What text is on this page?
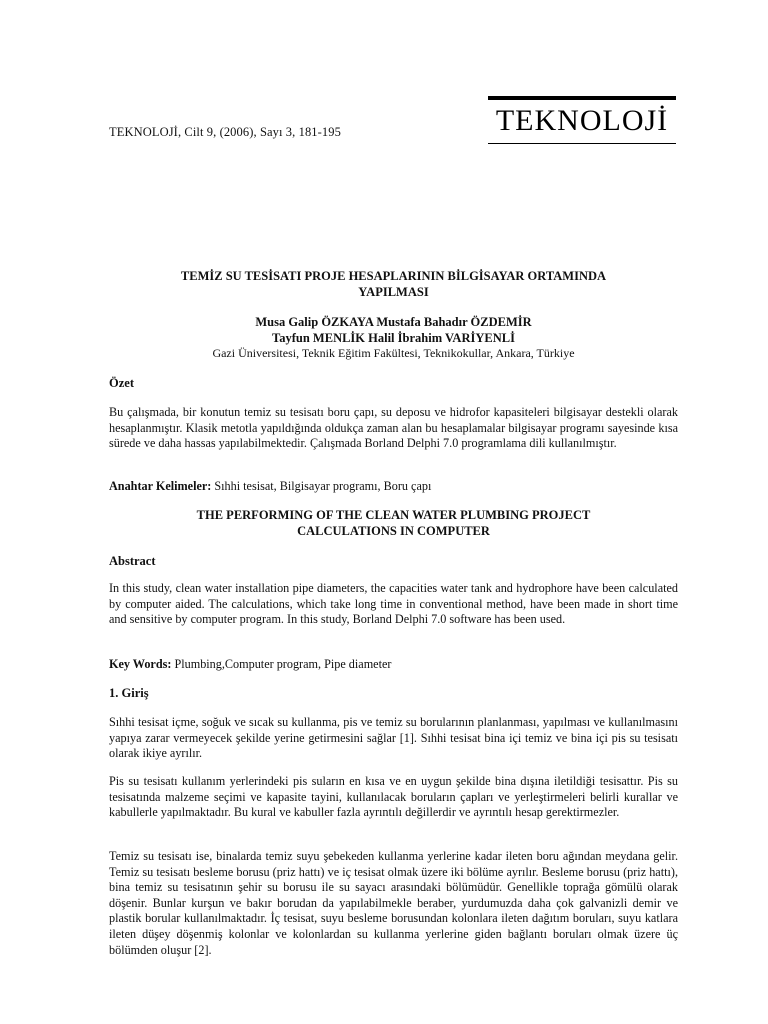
TEKNOLOJİ, Cilt 9, (2006), Sayı 3, 181-195	TEKNOLOJİ
TEMİZ SU TESİSATI PROJE HESAPLARININ BİLGİSAYAR ORTAMINDA
YAPILMASI
Musa Galip ÖZKAYA Mustafa Bahadır ÖZDEMİR
Tayfun MENLİK Halil İbrahim VARİYENLİ
Gazi Üniversitesi, Teknik Eğitim Fakültesi, Teknikokullar, Ankara, Türkiye
Özet
Bu çalışmada, bir konutun temiz su tesisatı boru çapı, su deposu ve hidrofor kapasiteleri bilgisayar destekli olarak hesaplanmıştır. Klasik metotla yapıldığında oldukça zaman alan bu hesaplamalar bilgisayar programı sayesinde kısa sürede ve daha hassas yapılabilmektedir. Çalışmada Borland Delphi 7.0 programlama dili kullanılmıştır.
Anahtar Kelimeler: Sıhhi tesisat, Bilgisayar programı, Boru çapı
THE PERFORMING OF THE CLEAN WATER PLUMBING PROJECT
CALCULATIONS IN COMPUTER
Abstract
In this study, clean water installation pipe diameters, the capacities water tank and hydrophore have been calculated by computer aided. The calculations, which take long time in conventional method, have been made in short time and sensitive by computer program. In this study, Borland Delphi 7.0 software has been used.
Key Words: Plumbing,Computer program, Pipe diameter
1. Giriş
Sıhhi tesisat içme, soğuk ve sıcak su kullanma, pis ve temiz su borularının planlanması, yapılması ve kullanılmasını yapıya zarar vermeyecek şekilde yerine getirmesini sağlar [1]. Sıhhi tesisat bina içi temiz ve bina içi pis su tesisatı olarak ikiye ayrılır.
Pis su tesisatı kullanım yerlerindeki pis suların en kısa ve en uygun şekilde bina dışına iletildiği tesisattır. Pis su tesisatında malzeme seçimi ve kapasite tayini, kullanılacak boruların çapları ve yerleştirmeleri belirli kurallar ve kabullerle yapılmaktadır. Bu kural ve kabuller fazla ayrıntılı değillerdir ve ayrıntılı hesap gerektirmezler.
Temiz su tesisatı ise, binalarda temiz suyu şebekeden kullanma yerlerine kadar ileten boru ağından meydana gelir. Temiz su tesisatı besleme borusu (priz hattı) ve iç tesisat olmak üzere iki bölüme ayrılır. Besleme borusu (priz hattı), bina temiz su tesisatının şehir su borusu ile su sayacı arasındaki bölümüdür. Genellikle toprağa gömülü olarak döşenir. Bunlar kurşun ve bakır borudan da yapılabilmekle beraber, yurdumuzda daha çok galvanizli demir ve plastik borular kullanılmaktadır. İç tesisat, suyu besleme borusundan kolonlara ileten dağıtım boruları, suyu katlara ileten düşey döşenmiş kolonlar ve kolonlardan su kullanma yerlerine giden bağlantı boruları olmak üzere üç bölümden oluşur [2].
